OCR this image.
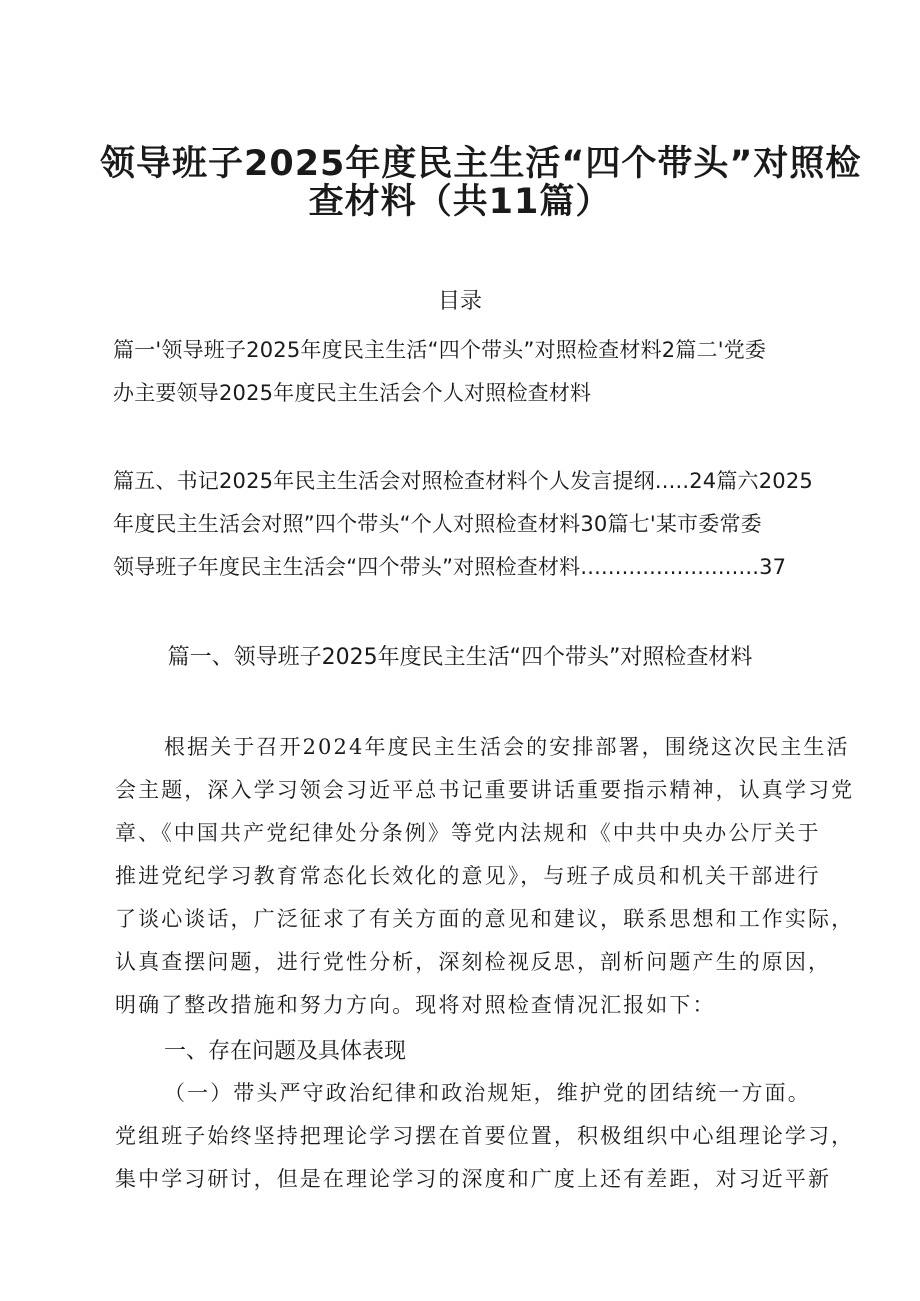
领导班子2025年度民主生活“四个带头”对照检
查材料（共11篇）
目录
篇一'领导班子2025年度民主生活“四个带头”对照检查材料2篇二'党委
办主要领导2025年度民主生活会个人对照检查材料
篇五、书记2025年民主生活会对照检查材料个人发言提纲.....24篇六2025
年度民主生活会对照”四个带头“个人对照检查材料30篇七'某市委常委
领导班子年度民主生活会“四个带头”对照检查材料..........................37
篇一、领导班子2025年度民主生活“四个带头”对照检查材料
根据关于召开2024年度民主生活会的安排部署，围绕这次民主生活
会主题，深入学习领会习近平总书记重要讲话重要指示精神，认真学习党
章、《中国共产党纪律处分条例》等党内法规和《中共中央办公厅关于
推进党纪学习教育常态化长效化的意见》，与班子成员和机关干部进行
了谈心谈话，广泛征求了有关方面的意见和建议，联系思想和工作实际，
认真查摆问题，进行党性分析，深刻检视反思，剖析问题产生的原因，
明确了整改措施和努力方向。现将对照检查情况汇报如下：
一、存在问题及具体表现
（一）带头严守政治纪律和政治规矩，维护党的团结统一方面。
党组班子始终坚持把理论学习摆在首要位置，积极组织中心组理论学习，
集中学习研讨，但是在理论学习的深度和广度上还有差距，对习近平新
